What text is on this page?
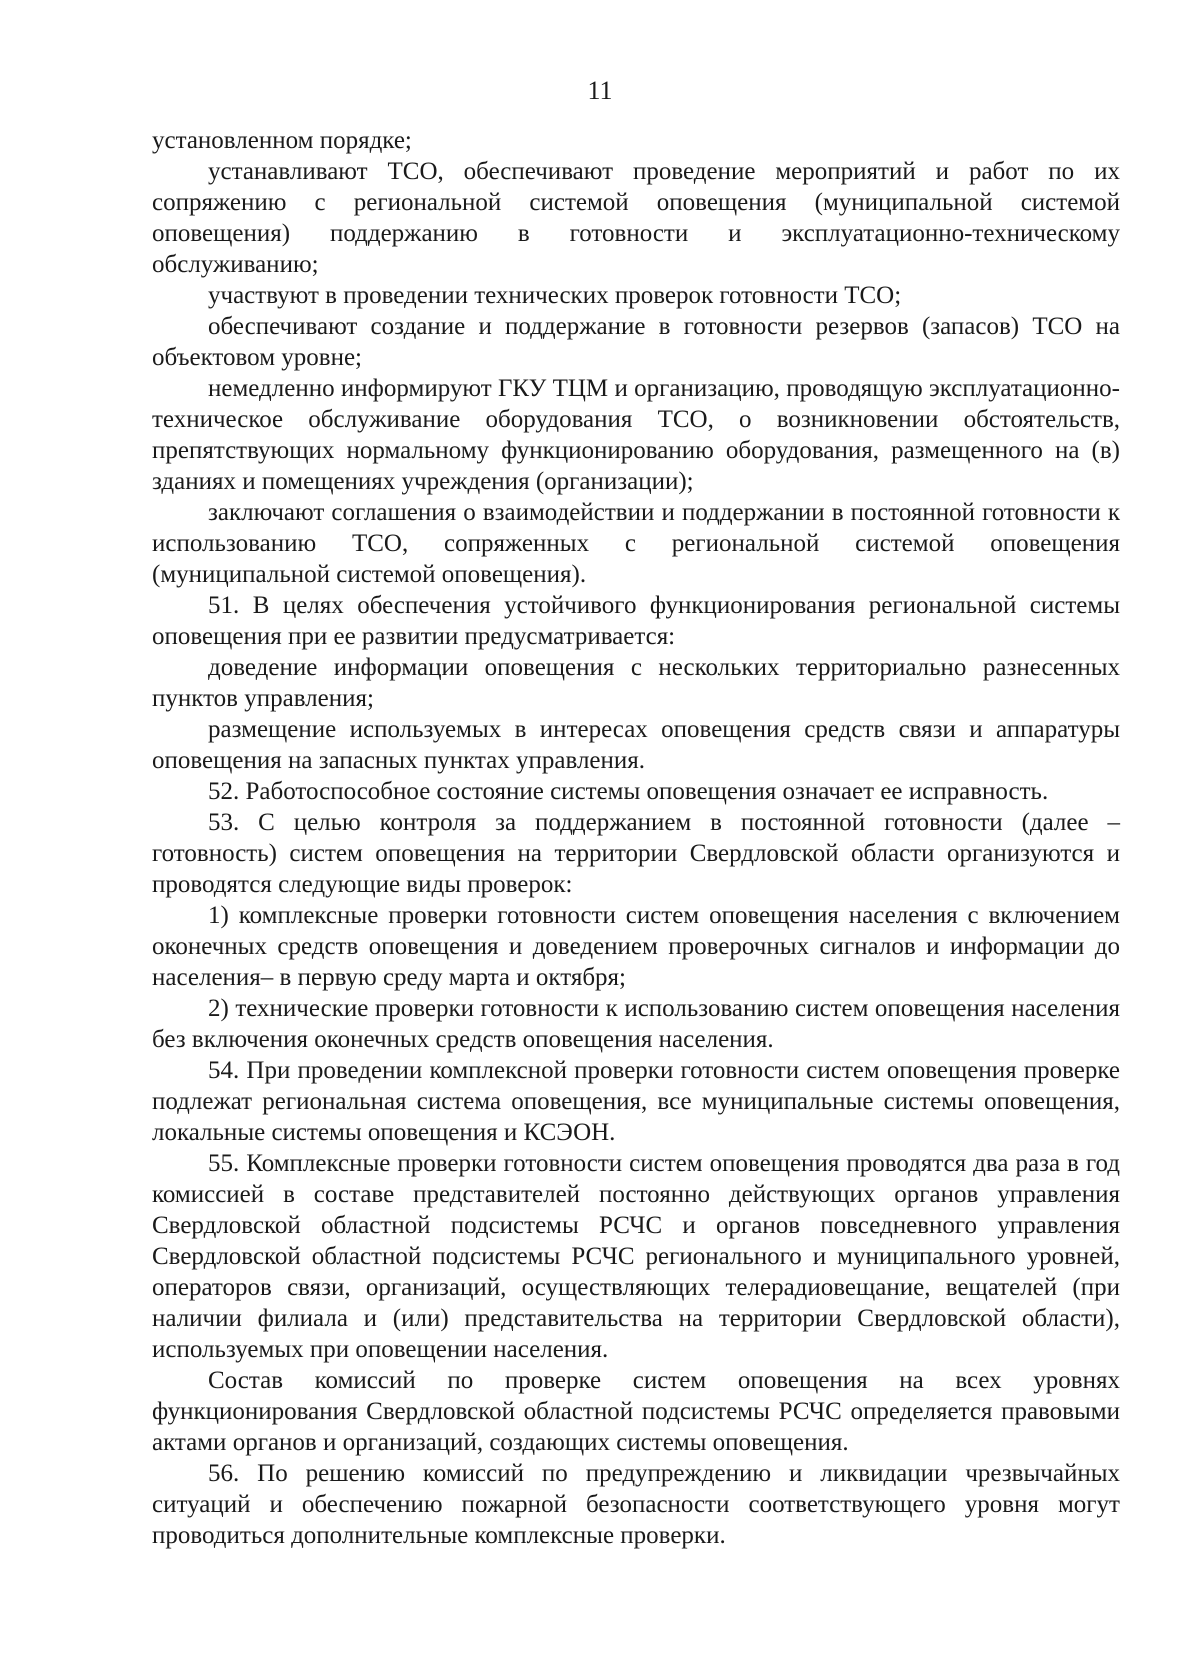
11

установленном порядке;

устанавливают ТСО, обеспечивают проведение мероприятий и работ по их сопряжению с региональной системой оповещения (муниципальной системой оповещения) поддержанию в готовности и эксплуатационно-техническому обслуживанию;

участвуют в проведении технических проверок готовности ТСО;

обеспечивают создание и поддержание в готовности резервов (запасов) ТСО на объектовом уровне;

немедленно информируют ГКУ ТЦМ и организацию, проводящую эксплуатационно-техническое обслуживание оборудования ТСО, о возникновении обстоятельств, препятствующих нормальному функционированию оборудования, размещенного на (в) зданиях и помещениях учреждения (организации);

заключают соглашения о взаимодействии и поддержании в постоянной готовности к использованию ТСО, сопряженных с региональной системой оповещения (муниципальной системой оповещения).

51. В целях обеспечения устойчивого функционирования региональной системы оповещения при ее развитии предусматривается:

доведение информации оповещения с нескольких территориально разнесенных пунктов управления;

размещение используемых в интересах оповещения средств связи и аппаратуры оповещения на запасных пунктах управления.

52. Работоспособное состояние системы оповещения означает ее исправность.

53. С целью контроля за поддержанием в постоянной готовности (далее – готовность) систем оповещения на территории Свердловской области организуются и проводятся следующие виды проверок:

1) комплексные проверки готовности систем оповещения населения с включением оконечных средств оповещения и доведением проверочных сигналов и информации до населения– в первую среду марта и октября;

2) технические проверки готовности к использованию систем оповещения населения без включения оконечных средств оповещения населения.

54. При проведении комплексной проверки готовности систем оповещения проверке подлежат региональная система оповещения, все муниципальные системы оповещения, локальные системы оповещения и КСЭОН.

55. Комплексные проверки готовности систем оповещения проводятся два раза в год комиссией в составе представителей постоянно действующих органов управления Свердловской областной подсистемы РСЧС и органов повседневного управления Свердловской областной подсистемы РСЧС регионального и муниципального уровней, операторов связи, организаций, осуществляющих телерадиовещание, вещателей (при наличии филиала и (или) представительства на территории Свердловской области), используемых при оповещении населения.

Состав комиссий по проверке систем оповещения на всех уровнях функционирования Свердловской областной подсистемы РСЧС определяется правовыми актами органов и организаций, создающих системы оповещения.

56. По решению комиссий по предупреждению и ликвидации чрезвычайных ситуаций и обеспечению пожарной безопасности соответствующего уровня могут проводиться дополнительные комплексные проверки.
